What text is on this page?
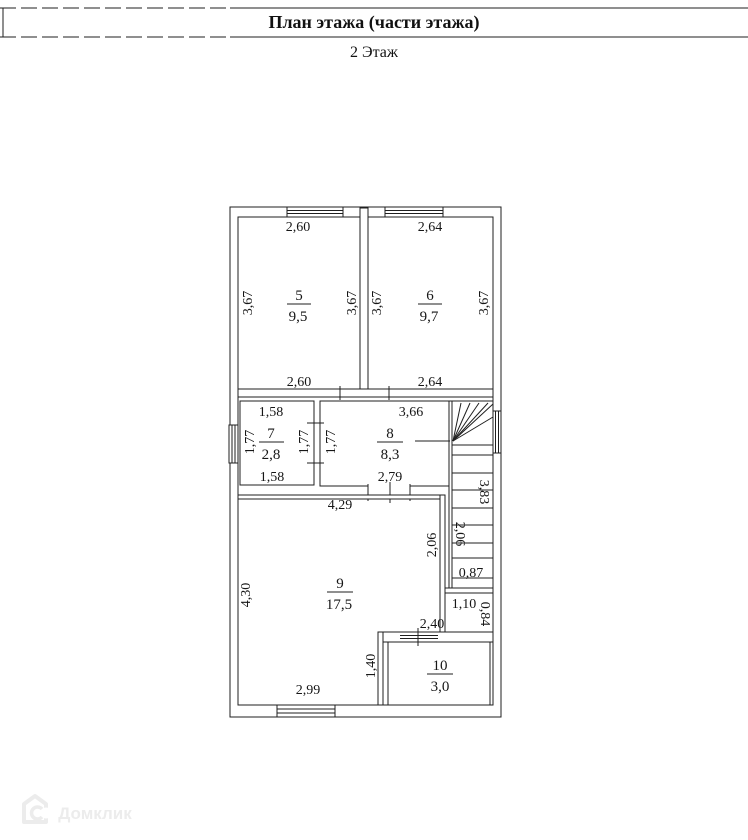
План этажа (части этажа)
2 Этаж
2,60
3,67	3,67
5
9,5
2,60
2,64
3,67	3,67
6
9,7
2,64
1,58
1,77	1,77
7
2,8
1,58
3,66
1,77	8
8,3
2,79
4,29
4,30
2,06
1,40
9
17,5
2,99
2,40
10
3,0
3,83
2,06
0,87
1,10 0,84
Домклик
